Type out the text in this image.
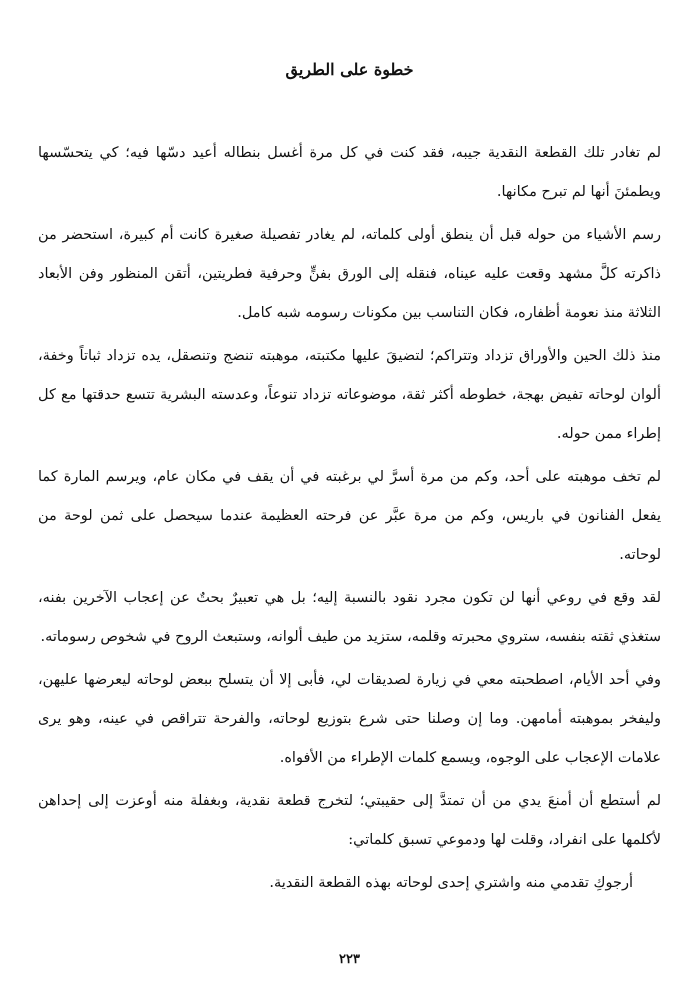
خطوة على الطريق

لم تغادر تلك القطعة النقدية جيبه، فقد كنت في كل مرة أغسل بنطاله أعيد دسّها فيه؛ كي يتحسّسها ويطمئنَ أنها لم تبرح مكانها.

رسم الأشياء من حوله قبل أن ينطق أولى كلماته، لم يغادر تفصيلة صغيرة كانت أم كبيرة، استحضر من ذاكرته كلَّ مشهد وقعت عليه عيناه، فنقله إلى الورق بفنٍّ وحرفية فطريتين، أتقن المنظور وفن الأبعاد الثلاثة منذ نعومة أظفاره، فكان التناسب بين مكونات رسومه شبه كامل.

منذ ذلك الحين والأوراق تزداد وتتراكم؛ لتضيقَ عليها مكتبته، موهبته تنضج وتنصقل، يده تزداد ثباتاً وخفة، ألوان لوحاته تفيض بهجة، خطوطه أكثر ثقة، موضوعاته تزداد تنوعاً، وعدسته البشرية تتسع حدقتها مع كل إطراء ممن حوله.

لم تخف موهبته على أحد، وكم من مرة أسرَّ لي برغبته في أن يقف في مكان عام، ويرسم المارة كما يفعل الفنانون في باريس، وكم من مرة عبَّر عن فرحته العظيمة عندما سيحصل على ثمن لوحة من لوحاته.

لقد وقع في روعي أنها لن تكون مجرد نقود بالنسبة إليه؛ بل هي تعبيرٌ بحتٌ عن إعجاب الآخرين بفنه، ستغذي ثقته بنفسه، ستروي محبرته وقلمه، ستزيد من طيف ألوانه، وستبعث الروح في شخوص رسوماته.

وفي أحد الأيام، اصطحبته معي في زيارة لصديقات لي، فأبى إلا أن يتسلح ببعض لوحاته ليعرضها عليهن، وليفخر بموهبته أمامهن. وما إن وصلنا حتى شرع بتوزيع لوحاته، والفرحة تتراقص في عينه، وهو يرى علامات الإعجاب على الوجوه، ويسمع كلمات الإطراء من الأفواه.

لم أستطع أن أمنعَ يدي من أن تمتدَّ إلى حقيبتي؛ لتخرج قطعة نقدية، وبغفلة منه أوعزت إلى إحداهن لأكلمها على انفراد، وقلت لها ودموعي تسبق كلماتي:

أرجوكِ تقدمي منه واشتري إحدى لوحاته بهذه القطعة النقدية.

٢٢٣
